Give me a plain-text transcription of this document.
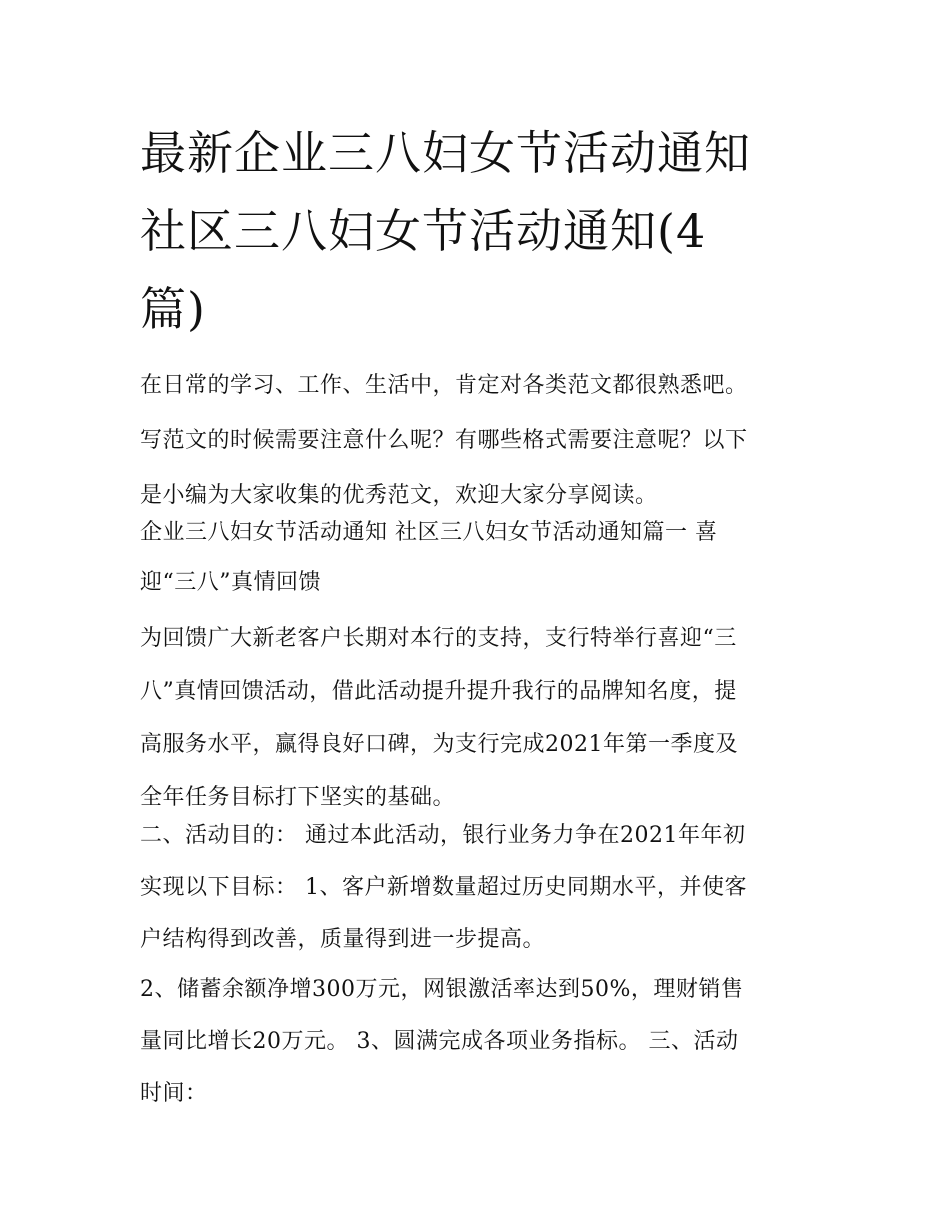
最新企业三八妇女节活动通知
社区三八妇女节活动通知(4
篇)
在日常的学习、工作、生活中，肯定对各类范文都很熟悉吧。
写范文的时候需要注意什么呢？有哪些格式需要注意呢？以下
是小编为大家收集的优秀范文，欢迎大家分享阅读。
企业三八妇女节活动通知 社区三八妇女节活动通知篇一 喜
迎“三八”真情回馈
为回馈广大新老客户长期对本行的支持，支行特举行喜迎“三
八”真情回馈活动，借此活动提升提升我行的品牌知名度，提
高服务水平，赢得良好口碑，为支行完成2021年第一季度及
全年任务目标打下坚实的基础。
二、活动目的： 通过本此活动，银行业务力争在2021年年初
实现以下目标： 1、客户新增数量超过历史同期水平，并使客
户结构得到改善，质量得到进一步提高。
2、储蓄余额净增300万元，网银激活率达到50%，理财销售
量同比增长20万元。 3、圆满完成各项业务指标。 三、活动
时间：
